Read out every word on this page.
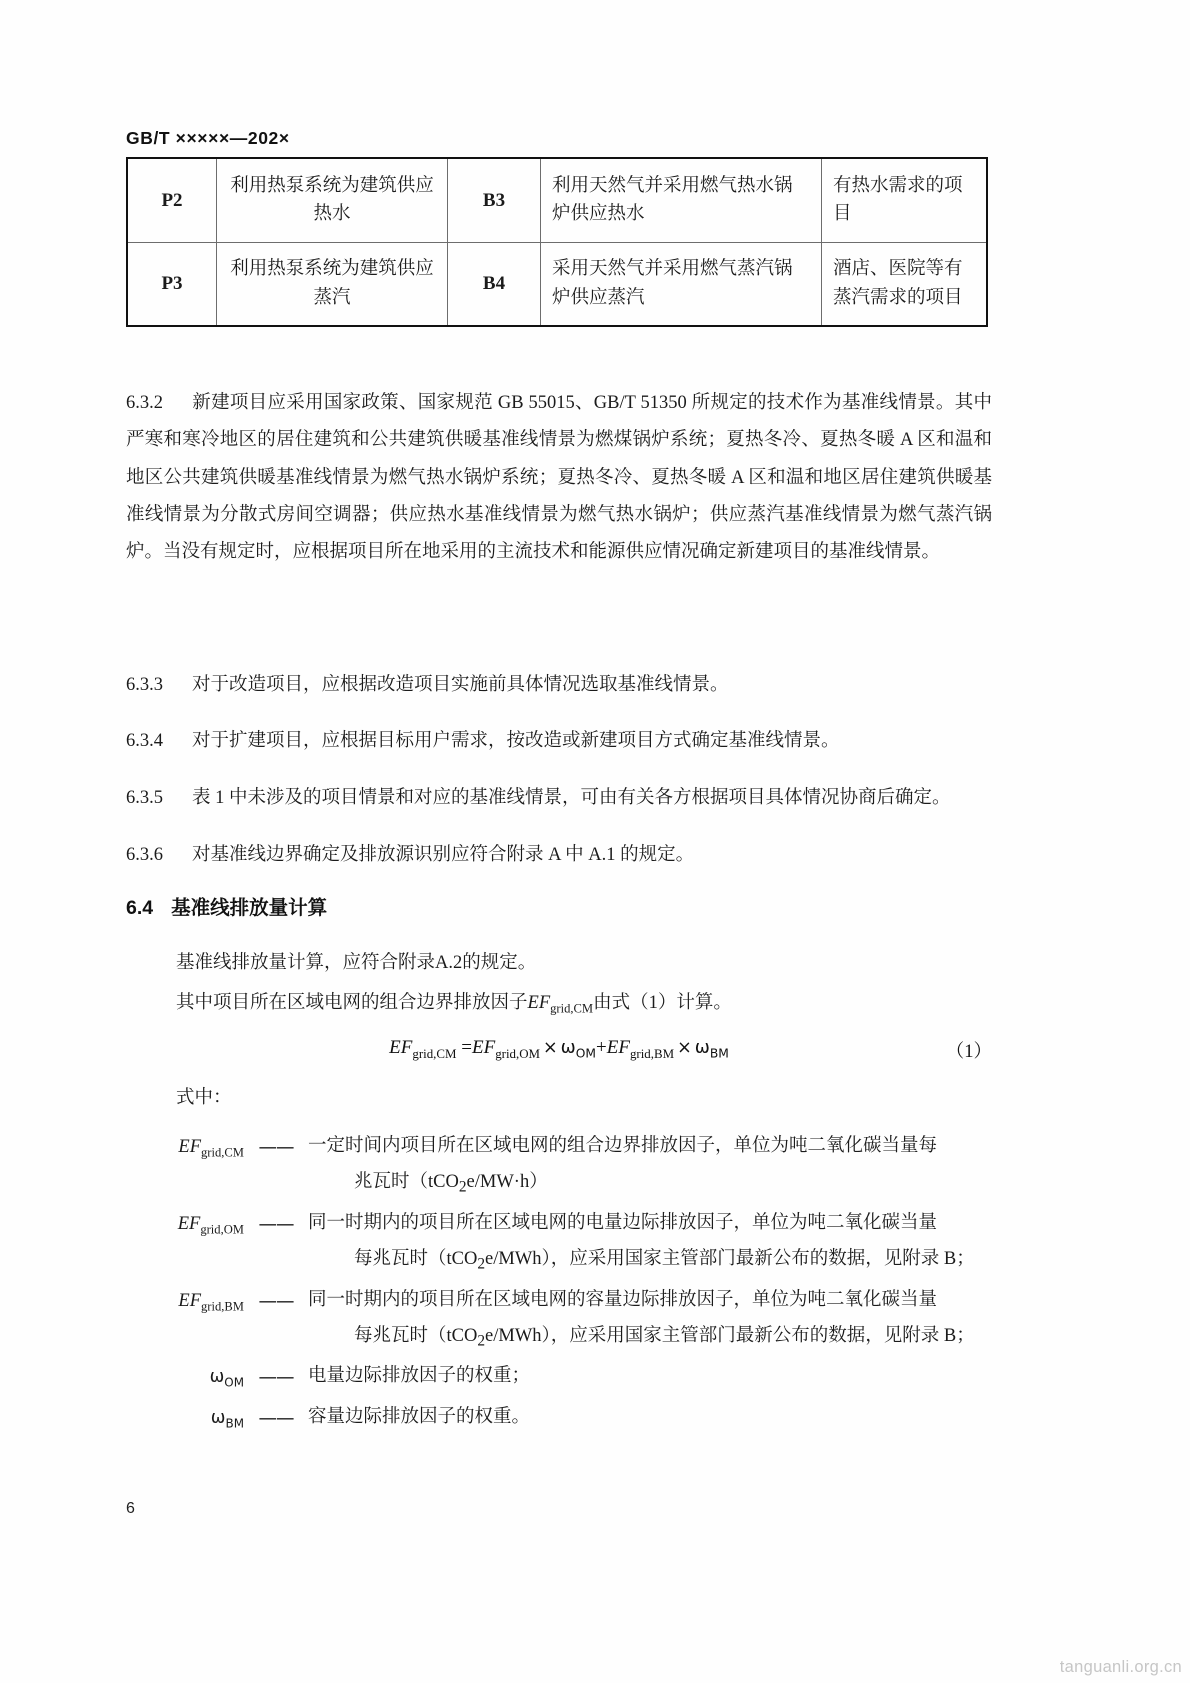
GB/T ×××××—202×
P2	利用热泵系统为建筑供应热水	B3	利用天然气并采用燃气热水锅炉供应热水	有热水需求的项目
P3	利用热泵系统为建筑供应蒸汽	B4	采用天然气并采用燃气蒸汽锅炉供应蒸汽	酒店、医院等有蒸汽需求的项目
6.3.2 新建项目应采用国家政策、国家规范 GB 55015、GB/T 51350 所规定的技术作为基准线情景。其中严寒和寒冷地区的居住建筑和公共建筑供暖基准线情景为燃煤锅炉系统；夏热冬冷、夏热冬暖 A 区和温和地区公共建筑供暖基准线情景为燃气热水锅炉系统；夏热冬冷、夏热冬暖 A 区和温和地区居住建筑供暖基准线情景为分散式房间空调器；供应热水基准线情景为燃气热水锅炉；供应蒸汽基准线情景为燃气蒸汽锅炉。当没有规定时，应根据项目所在地采用的主流技术和能源供应情况确定新建项目的基准线情景。
6.3.3 对于改造项目，应根据改造项目实施前具体情况选取基准线情景。
6.3.4 对于扩建项目，应根据目标用户需求，按改造或新建项目方式确定基准线情景。
6.3.5 表 1 中未涉及的项目情景和对应的基准线情景，可由有关各方根据项目具体情况协商后确定。
6.3.6 对基准线边界确定及排放源识别应符合附录 A 中 A.1 的规定。
6.4 基准线排放量计算
基准线排放量计算，应符合附录A.2的规定。
其中项目所在区域电网的组合边界排放因子$EF_{grid,CM}$由式（1）计算。
$EF_{grid,CM} =EF_{grid,OM} \times \omega_{OM}+EF_{grid,BM} \times \omega_{BM}$	（1）
式中：
$EF_{grid,CM}$ —— 一定时间内项目所在区域电网的组合边界排放因子，单位为吨二氧化碳当量每
兆瓦时（tCO$_2$e/MW·h）
$EF_{grid,OM}$ —— 同一时期内的项目所在区域电网的电量边际排放因子，单位为吨二氧化碳当量
每兆瓦时（tCO$_2$e/MWh），应采用国家主管部门最新公布的数据，见附录 B；
$EF_{grid,BM}$ —— 同一时期内的项目所在区域电网的容量边际排放因子，单位为吨二氧化碳当量
每兆瓦时（tCO$_2$e/MWh），应采用国家主管部门最新公布的数据，见附录 B；
$\omega_{OM}$ —— 电量边际排放因子的权重；
$\omega_{BM}$ —— 容量边际排放因子的权重。
6
tanguanli.org.cn
